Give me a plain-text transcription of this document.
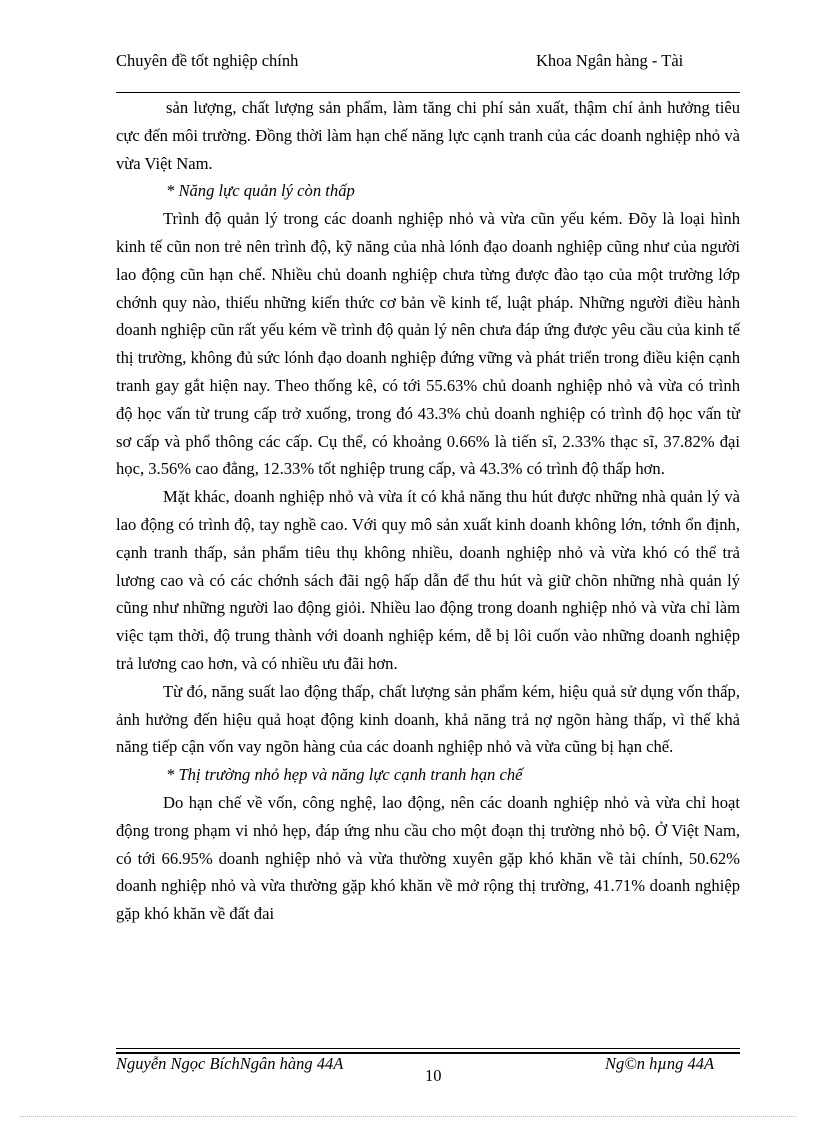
Chuyên đề tốt nghiệp chính	Khoa Ngân hàng - Tài

sản lượng, chất lượng sản phẩm, làm tăng chi phí sản xuất, thậm chí ảnh hưởng tiêu cực đến môi trường. Đồng thời làm hạn chế năng lực cạnh tranh của các doanh nghiệp nhỏ và vừa Việt Nam.

* Năng lực quản lý còn thấp

Trình độ quản lý trong các doanh nghiệp nhỏ và vừa cũn yếu kém. Đõy là loại hình kinh tế cũn non trẻ nên trình độ, kỹ năng của nhà lónh đạo doanh nghiệp cũng như của người lao động cũn hạn chế. Nhiều chủ doanh nghiệp chưa từng được đào tạo của một trường lớp chớnh quy nào, thiếu những kiến thức cơ bản về kinh tế, luật pháp. Những người điều hành doanh nghiệp cũn rất yếu kém về trình độ quản lý nên chưa đáp ứng được yêu cầu của kinh tế thị trường, không đủ sức lónh đạo doanh nghiệp đứng vững và phát triển trong điều kiện cạnh tranh gay gắt hiện nay. Theo thống kê, có tới 55.63% chủ doanh nghiệp nhỏ và vừa có trình độ học vấn từ trung cấp trở xuống, trong đó 43.3% chủ doanh nghiệp có trình độ học vấn từ sơ cấp và phổ thông các cấp. Cụ thể, có khoảng 0.66% là tiến sĩ, 2.33% thạc sĩ, 37.82% đại học, 3.56% cao đẳng, 12.33% tốt nghiệp trung cấp, và 43.3% có trình độ thấp hơn.

Mặt khác, doanh nghiệp nhỏ và vừa ít có khả năng thu hút được những nhà quản lý và lao động có trình độ, tay nghề cao. Với quy mô sản xuất kinh doanh không lớn, tớnh ổn định, cạnh tranh thấp, sản phẩm tiêu thụ không nhiều, doanh nghiệp nhỏ và vừa khó có thể trả lương cao và có các chớnh sách đãi ngộ hấp dẫn để thu hút và giữ chõn những nhà quản lý cũng như những người lao động giỏi. Nhiều lao động trong doanh nghiệp nhỏ và vừa chỉ làm việc tạm thời, độ trung thành với doanh nghiệp kém, dễ bị lôi cuốn vào những doanh nghiệp trả lương cao hơn, và có nhiều ưu đãi hơn.

Từ đó, năng suất lao động thấp, chất lượng sản phẩm kém, hiệu quả sử dụng vốn thấp, ảnh hưởng đến hiệu quả hoạt động kinh doanh, khả năng trả nợ ngõn hàng thấp, vì thế khả năng tiếp cận vốn vay ngõn hàng của các doanh nghiệp nhỏ và vừa cũng bị hạn chế.

* Thị trường nhỏ hẹp và năng lực cạnh tranh hạn chế

Do hạn chế về vốn, công nghệ, lao động, nên các doanh nghiệp nhỏ và vừa chỉ hoạt động trong phạm vi nhỏ hẹp, đáp ứng nhu cầu cho một đoạn thị trường nhỏ bộ. Ở Việt Nam, có tới 66.95% doanh nghiệp nhỏ và vừa thường xuyên gặp khó khăn về tài chính, 50.62% doanh nghiệp nhỏ và vừa thường gặp khó khăn về mở rộng thị trường, 41.71% doanh nghiệp gặp khó khăn về đất đai

Nguyễn Ngọc BíchNgân hàng 44A
10
Ng©n hµng 44A
